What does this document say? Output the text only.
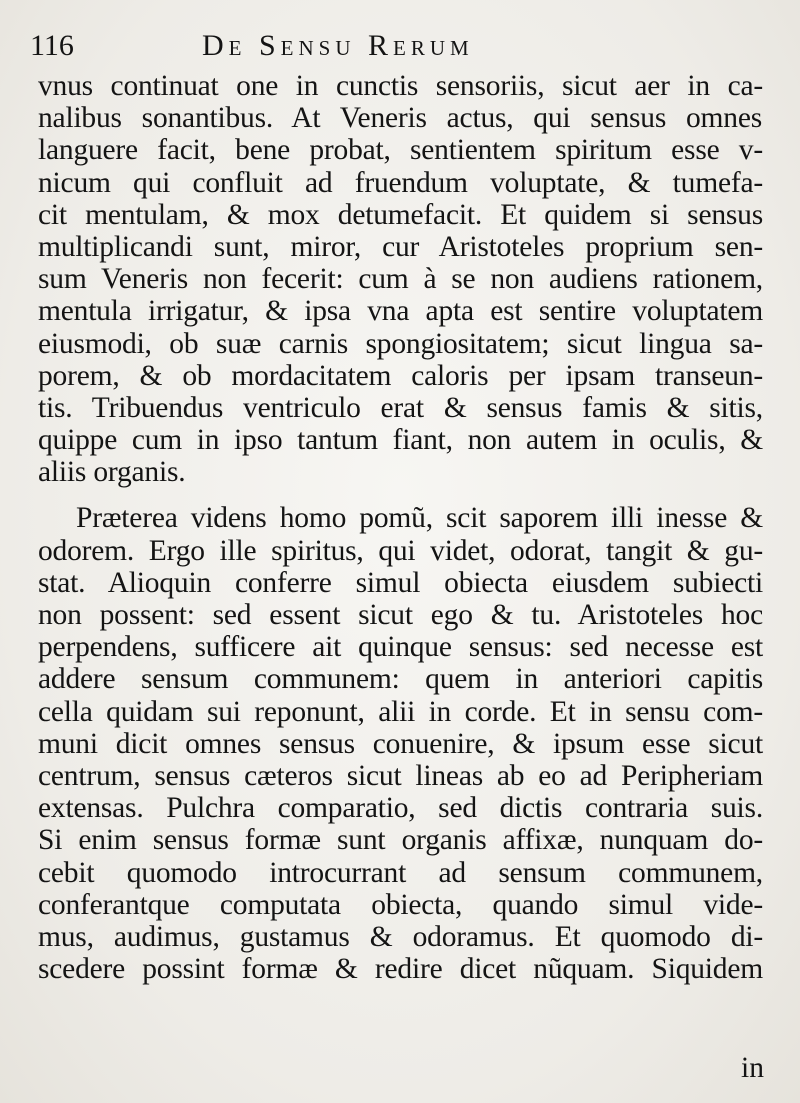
116	De Sensu Rerum
vnus continuat one in cunctis sensoriis, sicut aer in ca-
nalibus sonantibus. At Veneris actus, qui sensus omnes
languere facit, bene probat, sentientem spiritum esse v-
nicum qui confluit ad fruendum voluptate, & tumefa-
cit mentulam, & mox detumefacit. Et quidem si sensus
multiplicandi sunt, miror, cur Aristoteles proprium sen-
sum Veneris non fecerit: cum à se non audiens rationem,
mentula irrigatur, & ipsa vna apta est sentire voluptatem
eiusmodi, ob suæ carnis spongiositatem; sicut lingua sa-
porem, & ob mordacitatem caloris per ipsam transeun-
tis. Tribuendus ventriculo erat & sensus famis & sitis,
quippe cum in ipso tantum fiant, non autem in oculis, &
aliis organis.
Præterea videns homo pomũ, scit saporem illi inesse &
odorem. Ergo ille spiritus, qui videt, odorat, tangit & gu-
stat. Alioquin conferre simul obiecta eiusdem subiecti
non possent: sed essent sicut ego & tu. Aristoteles hoc
perpendens, sufficere ait quinque sensus: sed necesse est
addere sensum communem: quem in anteriori capitis
cella quidam sui reponunt, alii in corde. Et in sensu com-
muni dicit omnes sensus conuenire, & ipsum esse sicut
centrum, sensus cæteros sicut lineas ab eo ad Peripheriam
extensas. Pulchra comparatio, sed dictis contraria suis.
Si enim sensus formæ sunt organis affixæ, nunquam do-
cebit quomodo introcurrant ad sensum communem,
conferantque computata obiecta, quando simul vide-
mus, audimus, gustamus & odoramus. Et quomodo di-
scedere possint formæ & redire dicet nũquam. Siquidem
in
